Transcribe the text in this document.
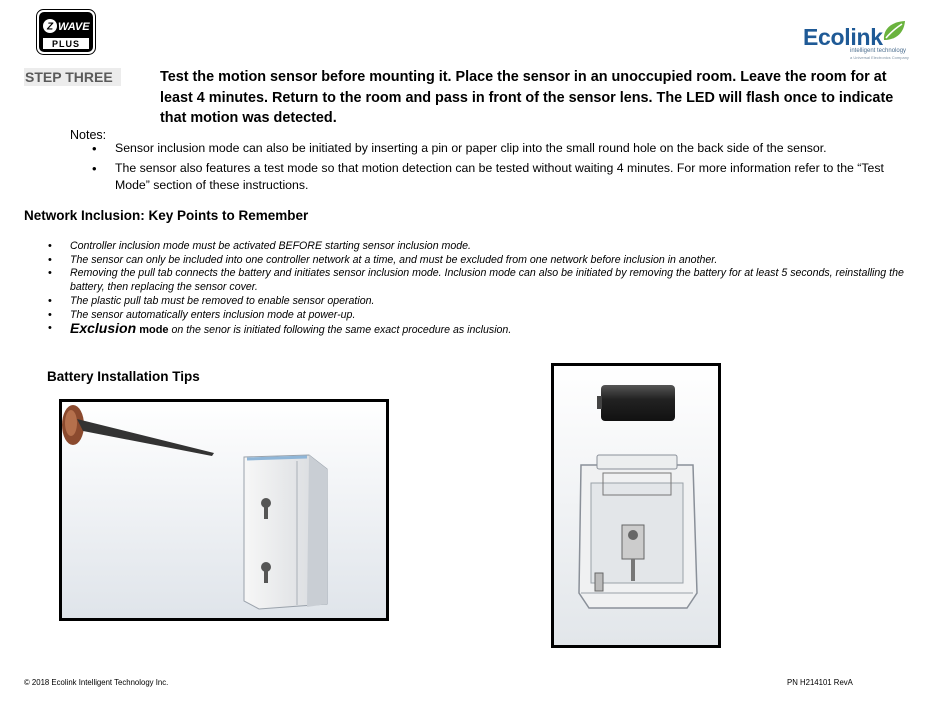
Z WAVE
PLUS	Ecolink
intelligent technology
a Universal Electronics Company
STEP THREE	Test the motion sensor before mounting it. Place the sensor in an unoccupied room. Leave the room for at least 4 minutes. Return to the room and pass in front of the sensor lens. The LED will flash once to indicate that motion was detected.
Notes:
• Sensor inclusion mode can also be initiated by inserting a pin or paper clip into the small round hole on the back side of the sensor.
• The sensor also features a test mode so that motion detection can be tested without waiting 4 minutes. For more information refer to the “Test Mode” section of these instructions.
Network Inclusion: Key Points to Remember
• Controller inclusion mode must be activated BEFORE starting sensor inclusion mode.
• The sensor can only be included into one controller network at a time, and must be excluded from one network before inclusion in another.
• Removing the pull tab connects the battery and initiates sensor inclusion mode. Inclusion mode can also be initiated by removing the battery for at least 5 seconds, reinstalling the battery, then replacing the sensor cover.
• The plastic pull tab must be removed to enable sensor operation.
• The sensor automatically enters inclusion mode at power-up.
• Exclusion mode on the senor is initiated following the same exact procedure as inclusion.
Battery Installation Tips
© 2018 Ecolink Intelligent Technology Inc.	PN H214101 RevA
